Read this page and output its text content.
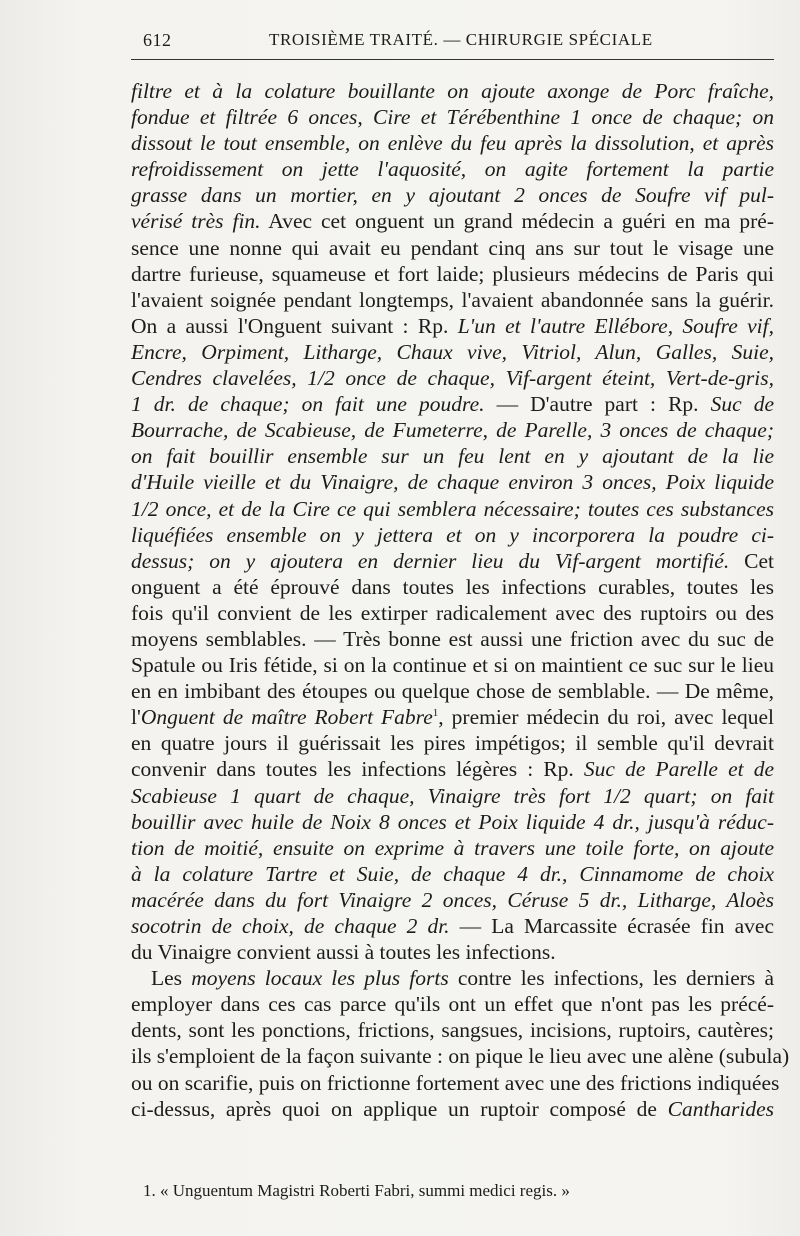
612	TROISIÈME TRAITÉ. — CHIRURGIE SPÉCIALE
filtre et à la colature bouillante on ajoute axonge de Porc fraîche,
fondue et filtrée 6 onces, Cire et Térébenthine 1 once de chaque; on
dissout le tout ensemble, on enlève du feu après la dissolution, et après
refroidissement on jette l'aquosité, on agite fortement la partie
grasse dans un mortier, en y ajoutant 2 onces de Soufre vif pul-
vérisé très fin. Avec cet onguent un grand médecin a guéri en ma pré-
sence une nonne qui avait eu pendant cinq ans sur tout le visage une
dartre furieuse, squameuse et fort laide; plusieurs médecins de Paris qui
l'avaient soignée pendant longtemps, l'avaient abandonnée sans la guérir.
On a aussi l'Onguent suivant : Rp. L'un et l'autre Ellébore, Soufre vif,
Encre, Orpiment, Litharge, Chaux vive, Vitriol, Alun, Galles, Suie,
Cendres clavelées, 1/2 once de chaque, Vif-argent éteint, Vert-de-gris,
1 dr. de chaque; on fait une poudre. — D'autre part : Rp. Suc de
Bourrache, de Scabieuse, de Fumeterre, de Parelle, 3 onces de chaque;
on fait bouillir ensemble sur un feu lent en y ajoutant de la lie
d'Huile vieille et du Vinaigre, de chaque environ 3 onces, Poix liquide
1/2 once, et de la Cire ce qui semblera nécessaire; toutes ces substances
liquéfiées ensemble on y jettera et on y incorporera la poudre ci-
dessus; on y ajoutera en dernier lieu du Vif-argent mortifié. Cet
onguent a été éprouvé dans toutes les infections curables, toutes les
fois qu'il convient de les extirper radicalement avec des ruptoirs ou des
moyens semblables. — Très bonne est aussi une friction avec du suc de
Spatule ou Iris fétide, si on la continue et si on maintient ce suc sur le lieu
en en imbibant des étoupes ou quelque chose de semblable. — De même,
l'Onguent de maître Robert Fabre$^1$, premier médecin du roi, avec lequel
en quatre jours il guérissait les pires impétigos; il semble qu'il devrait
convenir dans toutes les infections légères : Rp. Suc de Parelle et de
Scabieuse 1 quart de chaque, Vinaigre très fort 1/2 quart; on fait
bouillir avec huile de Noix 8 onces et Poix liquide 4 dr., jusqu'à réduc-
tion de moitié, ensuite on exprime à travers une toile forte, on ajoute
à la colature Tartre et Suie, de chaque 4 dr., Cinnamome de choix
macérée dans du fort Vinaigre 2 onces, Céruse 5 dr., Litharge, Aloès
socotrin de choix, de chaque 2 dr. — La Marcassite écrasée fin avec
du Vinaigre convient aussi à toutes les infections.
Les moyens locaux les plus forts contre les infections, les derniers à
employer dans ces cas parce qu'ils ont un effet que n'ont pas les précé-
dents, sont les ponctions, frictions, sangsues, incisions, ruptoirs, cautères;
ils s'emploient de la façon suivante : on pique le lieu avec une alène (subula)
ou on scarifie, puis on frictionne fortement avec une des frictions indiquées
ci-dessus, après quoi on applique un ruptoir composé de Cantharides
1. « Unguentum Magistri Roberti Fabri, summi medici regis. »
